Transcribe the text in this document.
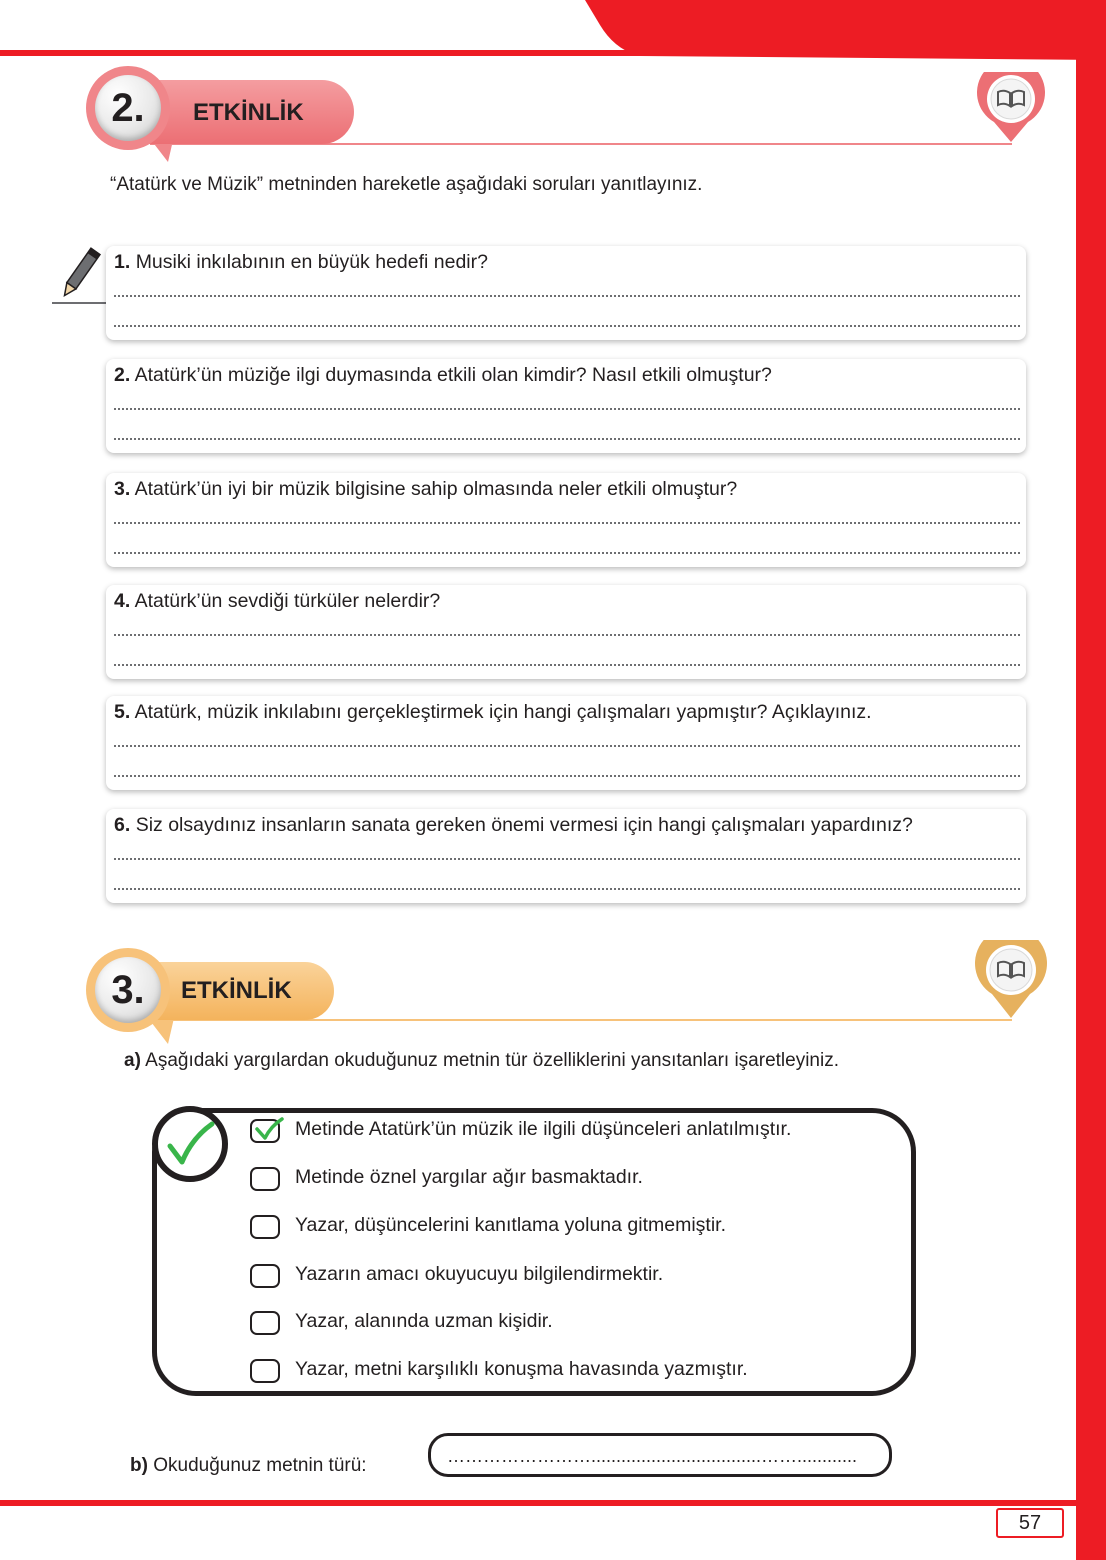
57
2.	ETKİNLİK
“Atatürk ve Müzik” metninden hareketle aşağıdaki soruları yanıtlayınız.
1. Musiki inkılabının en büyük hedefi nedir?
2. Atatürk’ün müziğe ilgi duymasında etkili olan kimdir? Nasıl etkili olmuştur?
3. Atatürk’ün iyi bir müzik bilgisine sahip olmasında neler etkili olmuştur?
4. Atatürk’ün sevdiği türküler nelerdir?
5. Atatürk, müzik inkılabını gerçekleştirmek için hangi çalışmaları yapmıştır? Açıklayınız.
6. Siz olsaydınız insanların sanata gereken önemi vermesi için hangi çalışmaları yapardınız?
3.	ETKİNLİK
a) Aşağıdaki yargılardan okuduğunuz metnin tür özelliklerini yansıtanları işaretleyiniz.
Metinde Atatürk’ün müzik ile ilgili düşünceleri anlatılmıştır.
Metinde öznel yargılar ağır basmaktadır.
Yazar, düşüncelerini kanıtlama yoluna gitmemiştir.
Yazarın amacı okuyucuyu bilgilendirmektir.
Yazar, alanında uzman kişidir.
Yazar, metni karşılıklı konuşma havasında yazmıştır.
b) Okuduğunuz metnin türü:	……………………..................................……............
